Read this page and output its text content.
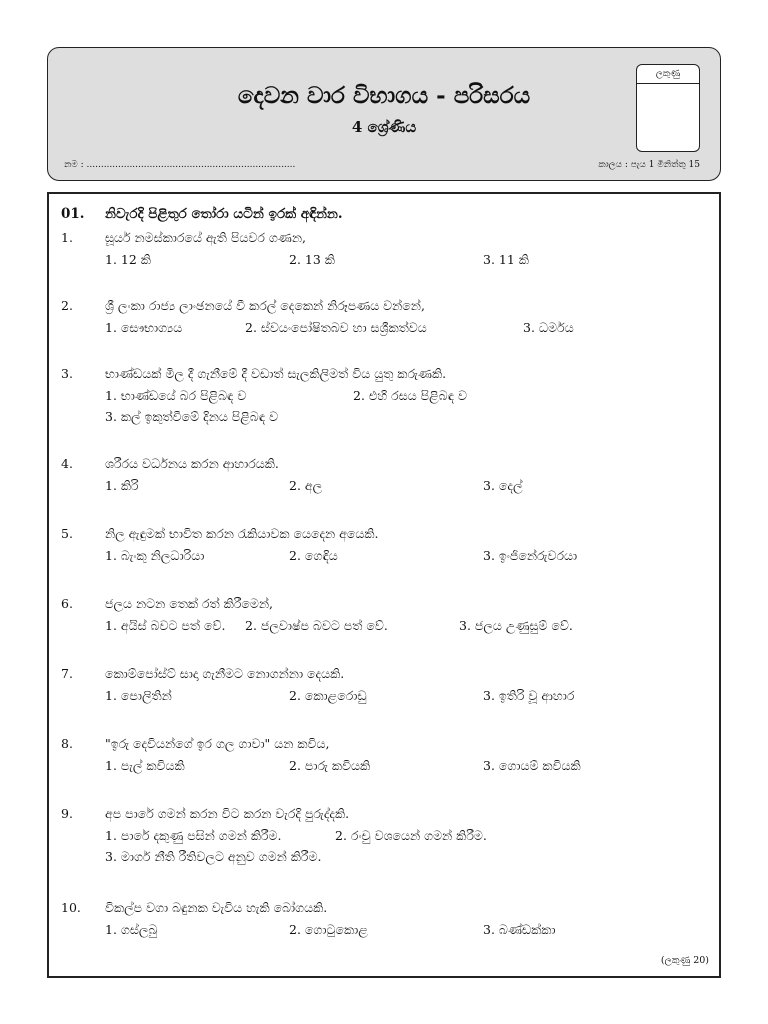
දෙවන වාර විභාගය - පරිසරය
4 ශ්‍රේණිය
ලකුණු
නම : .........................................................................	කාලය : පැය 1 මිනිත්තු 15
01.	නිවැරදි පිළිතුර තෝරා යටින් ඉරක් අඳින්න.
(ලකුණු 20)
1.	සූර්ය නමස්කාරයේ ඇති පියවර ගණන,
1. 12 කි	2. 13 කි	3. 11 කි
2.	ශ්‍රී ලංකා රාජ්‍ය ලාංඡනයේ වී කරල් දෙකෙන් නිරූපණය වන්නේ,
1. සෞභාග්‍යය	2. ස්වයංපෝෂිතබව හා සශ්‍රීකත්වය	3. ධර්මය
3.	භාණ්ඩයක් මිල දී ගැනීමේ දී වඩාත් සැලකිලිමත් විය යුතු කරුණකි.
1. භාණ්ඩයේ බර පිළිබඳ ව	2. එහි රසය පිළිබඳ ව
3. කල් ඉකුත්වීමේ දිනය පිළිබඳ ව
4.	ශරීරය වර්ධනය කරන ආහාරයකි.
1. කිරි	2. අල	3. දෙල්
5.	නිල ඇඳුමක් භාවිත කරන රැකියාවක යෙදෙන අයෙකි.
1. බැංකු නිලධාරියා	2. ගෙඳිය	3. ඉංජිනේරුවරයා
6.	ජලය නටන තෙක් රත් කිරීමෙන්,
1. අයිස් බවට පත් වේ. 2. ජලවාෂ්ප බවට පත් වේ.	3. ජලය උණුසුම් වේ.
7.	කොම්පෝස්ට් සාදා ගැනීමට නොගන්නා දෙයකි.
1. පොලිතින්	2. කොළරොඩු	3. ඉතිරි වූ ආහාර
8.	"ඉරු දෙවියන්ගේ ඉර ගල ගාවා" යන කවිය,
1. පැල් කවියකි	2. පාරු කවියකි	3. ගොයම් කවියකි
9.	අප පාරේ ගමන් කරන විට කරන වැරදි පුරුද්දකි.
1. පාරේ දකුණු පසින් ගමන් කිරීම.	2. රංචු වශයෙන් ගමන් කිරීම.
3. මාර්ග නීති රීතිවලට අනුව ගමන් කිරීම.
10.	විකල්ප වගා බඳුනක වැවිය හැකි බෝගයකි.
1. ගස්ලබු	2. ගොටුකොළ	3. බණ්ඩක්කා
